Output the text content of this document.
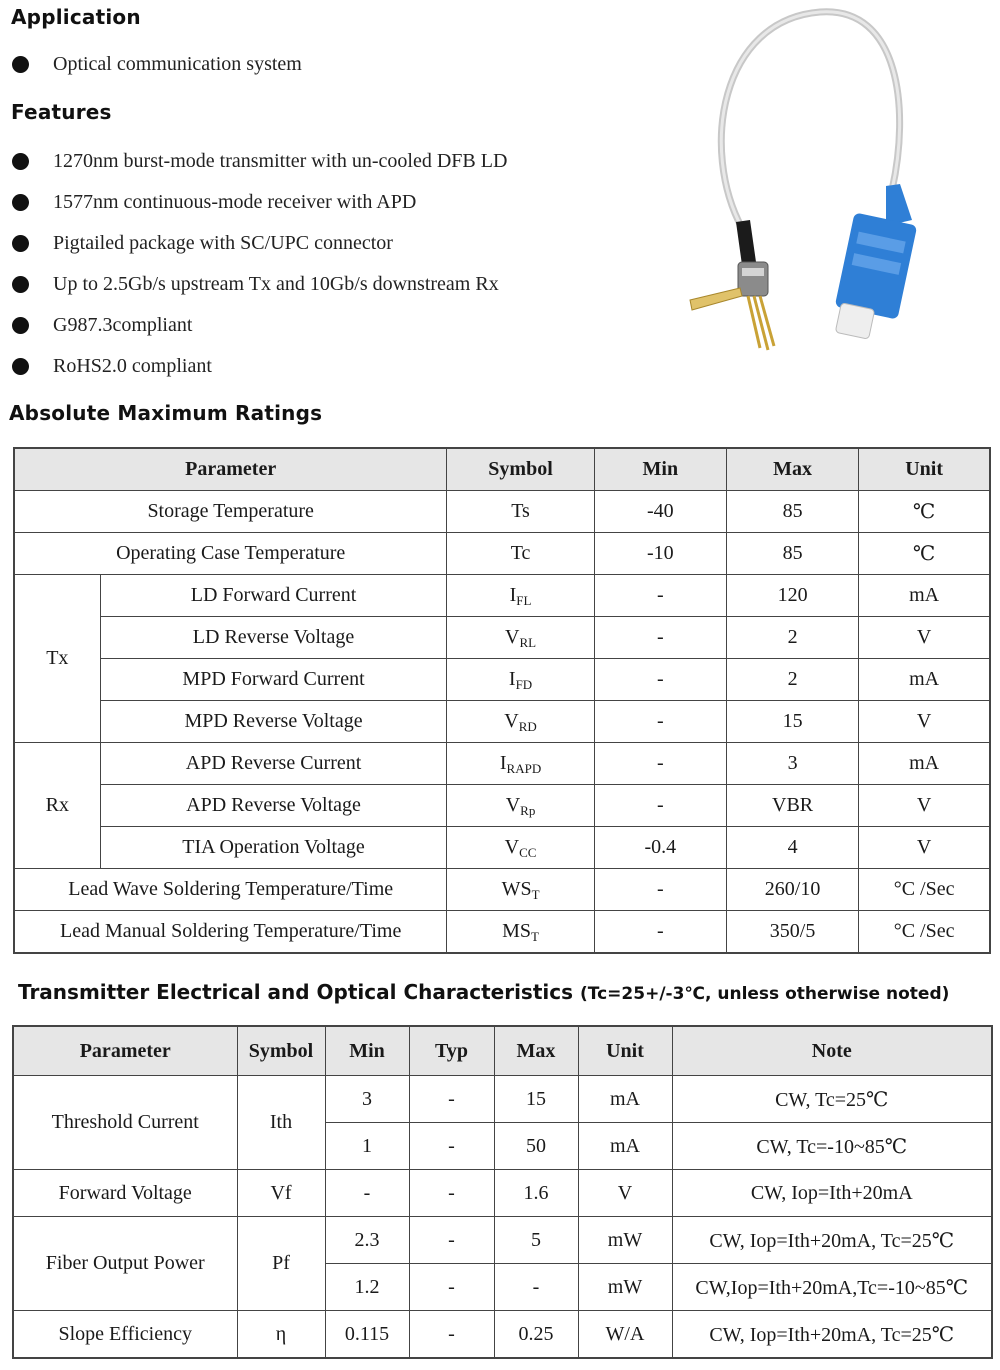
Application
Optical communication system
Features
1270nm burst-mode transmitter with un-cooled DFB LD
1577nm continuous-mode receiver with APD
Pigtailed package with SC/UPC connector
Up to 2.5Gb/s upstream Tx and 10Gb/s downstream Rx
G987.3compliant
RoHS2.0 compliant
Absolute Maximum Ratings
Parameter		Symbol	Min	Max	Unit
Storage Temperature		Ts	-40	85	℃
Operating Case Temperature		Tc	-10	85	℃
Tx	LD Forward Current	$I_{FL}$	-	120	mA
	LD Reverse Voltage	$V_{RL}$	-	2	V
	MPD Forward Current	$I_{FD}$	-	2	mA
	MPD Reverse Voltage	$V_{RD}$	-	15	V
Rx	APD Reverse Current	$I_{RAPD}$	-	3	mA
	APD Reverse Voltage	$V_{Rp}$	-	VBR	V
	TIA Operation Voltage	$V_{CC}$	-0.4	4	V
Lead Wave Soldering Temperature/Time		$WS_T$	-	260/10	°C /Sec
Lead Manual Soldering Temperature/Time		$MS_T$	-	350/5	°C /Sec
Transmitter Electrical and Optical Characteristics (Tc=25+/-3℃, unless otherwise noted)
Parameter	Symbol	Min	Typ	Max	Unit	Note
Threshold Current	Ith	3	-	15	mA	CW, Tc=25℃
		1	-	50	mA	CW, Tc=-10~85℃
Forward Voltage	Vf	-	-	1.6	V	CW, Iop=Ith+20mA
Fiber Output Power	Pf	2.3	-	5	mW	CW, Iop=Ith+20mA, Tc=25℃
		1.2	-	-	mW	CW,Iop=Ith+20mA,Tc=-10~85℃
Slope Efficiency	η	0.115	-	0.25	W/A	CW, Iop=Ith+20mA, Tc=25℃
